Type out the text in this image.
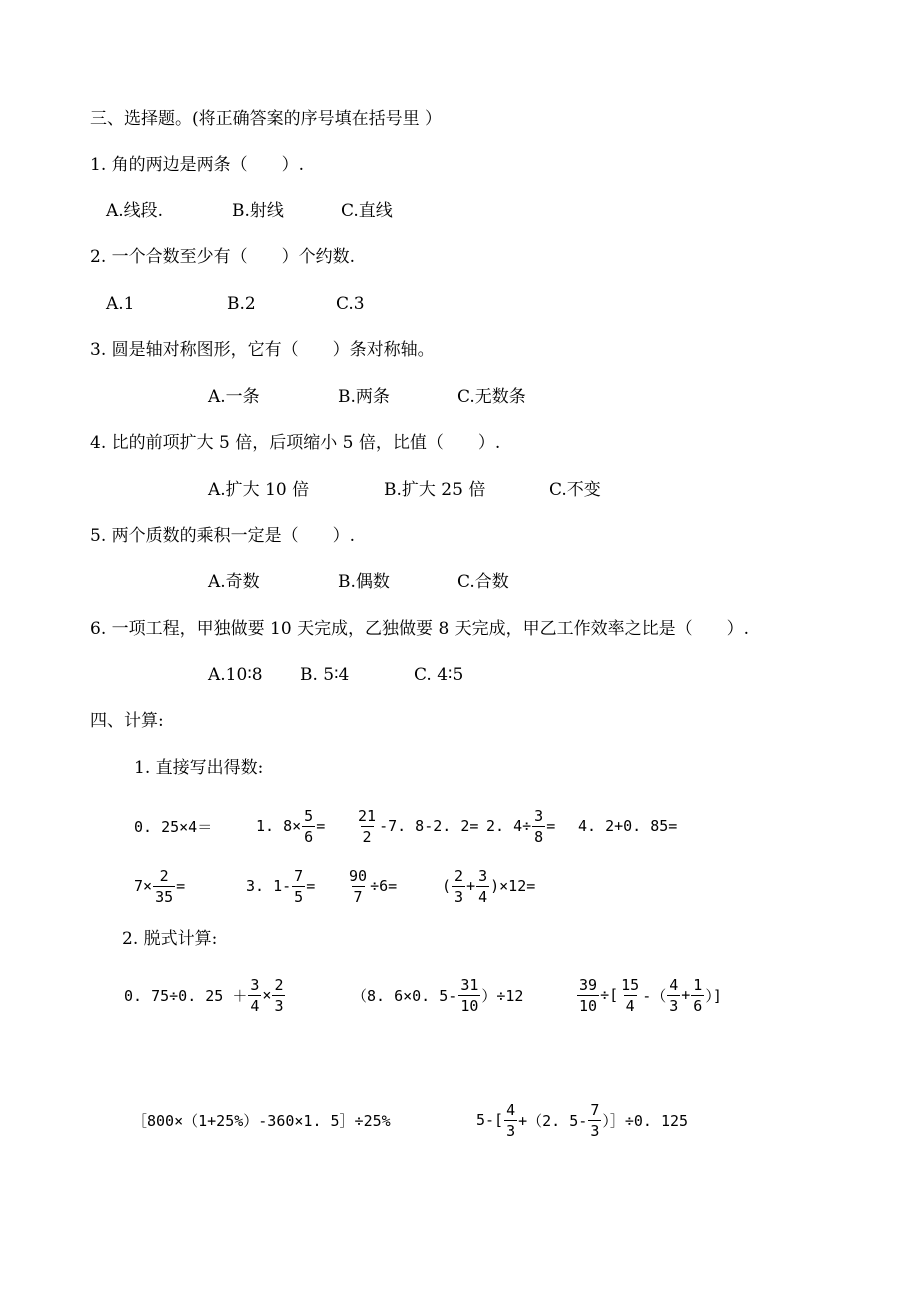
三、选择题。(将正确答案的序号填在括号里 ）
1. 角的两边是两条（　　）.
A.线段.	B.射线	C.直线
2. 一个合数至少有（　　）个约数.
A.1	B.2	C.3
3. 圆是轴对称图形，它有（　　）条对称轴。
A.一条	B.两条	C.无数条
4. 比的前项扩大 5 倍，后项缩小 5 倍，比值（　　）.
A.扩大 10 倍	B.扩大 25 倍	C.不变
5. 两个质数的乘积一定是（　　）.
A.奇数	B.偶数	C.合数
6. 一项工程，甲独做要 10 天完成，乙独做要 8 天完成，甲乙工作效率之比是（　　）.
A.10∶8 B. 5∶4	C. 4∶5
四、计算:
1. 直接写出得数:
0. 25×4＝	1. $8\times \frac{5}{6} = \frac{21}{2} -7$. 8-2. 2= 2. $4\div \frac{3}{8} = 4$. 2+0. 85=
$7\times \frac{2}{35}$ =	3. $1- \frac{7}{5} = \frac{90}{7} \div 6=$	( $\frac{2}{3} + \frac{3}{4} )\times 12=$
2. 脱式计算:
0. 75÷0. $25 + \frac{3}{4} \times \frac{2}{3}$	（8. 6×0. $5- \frac{31}{10} )\div 12$	$\frac{39}{10}$ ÷[ $\frac{15}{4}$ -（ $\frac{4}{3} + \frac{1}{6}$ ）]
［800×（1+25%）-360×1. 5］÷25%	$5-[ \frac{4}{3} +(2$. $5- \frac{7}{3}$ ）］÷0. 125
